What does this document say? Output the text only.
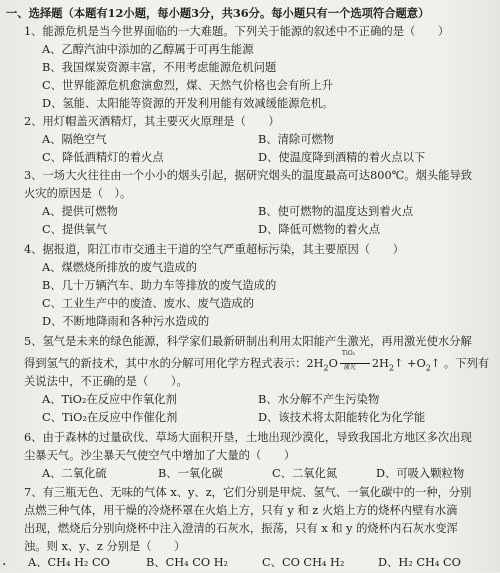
一、选择题（本题有12小题，每小题3分，共36分。每小题只有一个选项符合题意）
1、能源危机是当今世界面临的一大难题。下列关于能源的叙述中不正确的是（　　）
A、乙醇汽油中添加的乙醇属于可再生能源
B、我国煤炭资源丰富，不用考虑能源危机问题
C、世界能源危机愈演愈烈，煤、天然气价格也会有所上升
D、氢能、太阳能等资源的开发利用能有效减缓能源危机。
2、用灯帽盖灭酒精灯，其主要灭火原理是（　　）
A、隔绝空气	B、清除可燃物
C、降低酒精灯的着火点	D、使温度降到酒精的着火点以下
3、一场大火往往由一个小小的烟头引起，据研究烟头的温度最高可达800℃。烟头能导致
火灾的原因是（　）。
A、提供可燃物	B、使可燃物的温度达到着火点
C、提供氧气	D、降低可燃物的着火点
4、据报道，阳江市市交通主干道的空气严重超标污染，其主要原因（　　）
A、煤燃烧所排放的废气造成的
B、几十万辆汽车、助力车等排放的废气造成的
C、工业生产中的废渣、废水、废气造成的
D、不断地降雨和各种污水造成的
5、氢气是未来的绿色能源，科学家们最新研制出利用太阳能产生激光，再用激光使水分解
得到氢气的新技术，其中水的分解可用化学方程式表示：$2H_2O$
TiO₂
激光 $2H_2↑$ $+O_2↑$ 。下列有
关说法中，不正确的是（　　）。
A、TiO₂在反应中作氧化剂	B、水分解不产生污染物
C、TiO₂在反应中作催化剂	D、该技术将太阳能转化为化学能
6、由于森林的过量砍伐、草场大面积开垦，土地出现沙漠化，导致我国北方地区多次出现
尘暴天气。沙尘暴天气使空气中增加了大量的（　　）
A、二氧化硫	B、一氧化碳	C、二氧化氮	D、可吸入颗粒物
7、有三瓶无色、无味的气体 x、y、z，它们分别是甲烷、氢气、一氧化碳中的一种，分别
点燃三种气体，用干燥的冷烧杯罩在火焰上方，只有 y 和 z 火焰上方的烧杯内壁有水滴
出现，燃烧后分别向烧杯中注入澄清的石灰水，振荡，只有 x 和 y 的烧杯内石灰水变浑
浊。则 x、y、z 分别是（　　）
A、CH₄ H₂ CO	B、CH₄ CO H₂	C、CO CH₄ H₂	D、H₂ CH₄ CO
·
